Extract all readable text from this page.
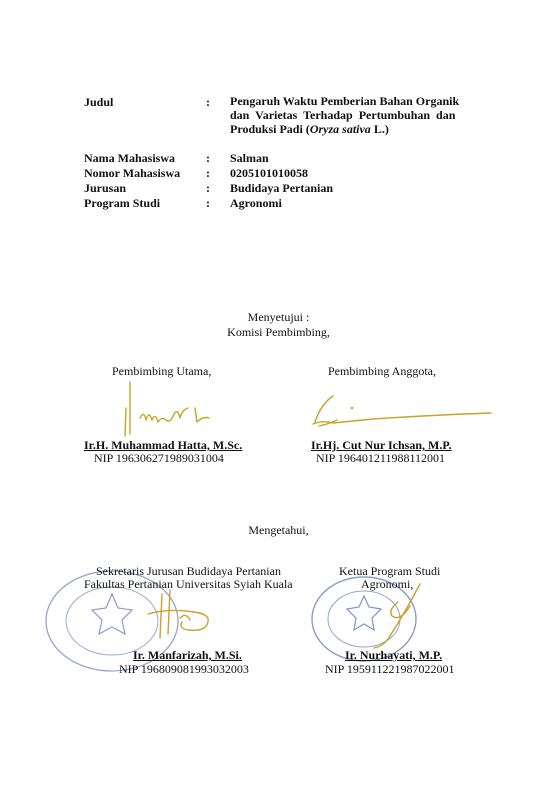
Judul	: Pengaruh Waktu Pemberian Bahan Organik
dan  Varietas  Terhadap  Pertumbuhan  dan
Produksi Padi (Oryza sativa L.)
Nama Mahasiswa	: Salman
Nomor Mahasiswa : 0205101010058
Jurusan	: Budidaya Pertanian
Program Studi	: Agronomi
Menyetujui :
Komisi Pembimbing,
Pembimbing Utama,	Pembimbing Anggota,
Ir.H. Muhammad Hatta, M.Sc.
NIP 196306271989031004
Ir.Hj. Cut Nur Ichsan, M.P.
NIP 196401211988112001
Mengetahui,
Sekretaris Jurusan Budidaya Pertanian
Fakultas Pertanian Universitas Syiah Kuala
Ir. Manfarizah, M.Si.
NIP 196809081993032003
Ketua Program Studi
Agronomi,
Ir. Nurhayati, M.P.
NIP 195911221987022001
